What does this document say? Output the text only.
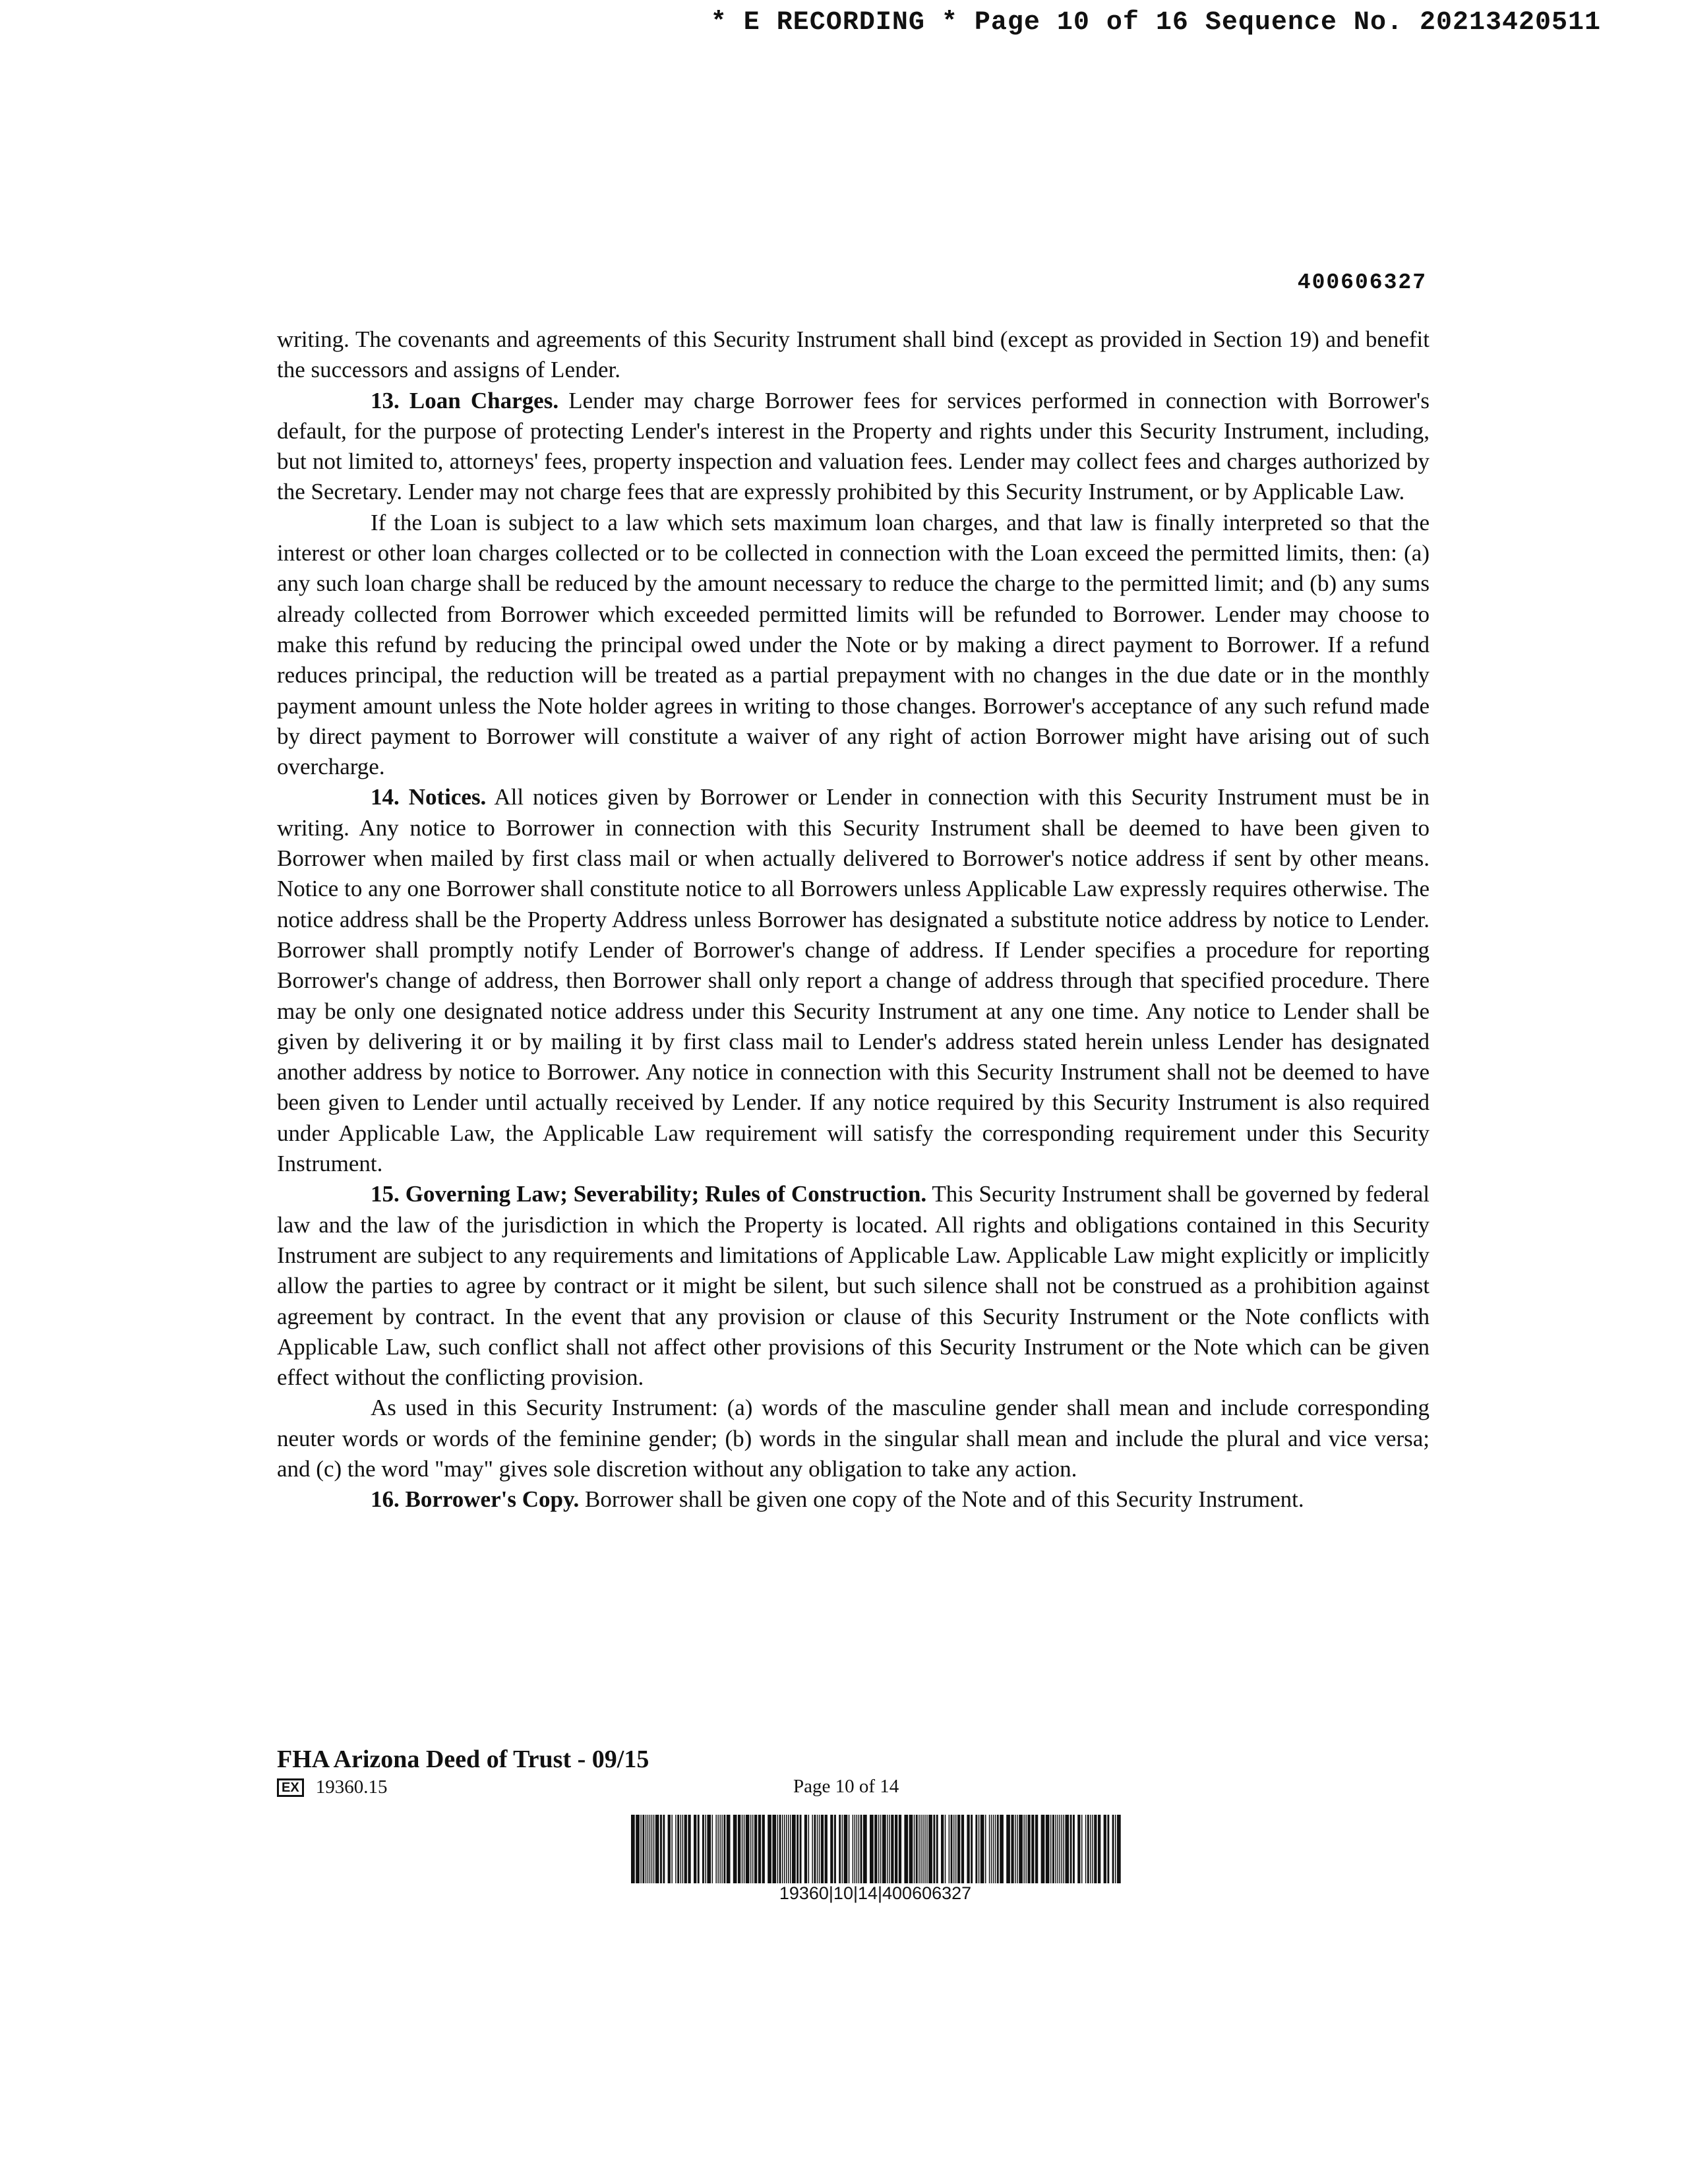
* E RECORDING * Page 10 of 16 Sequence No. 20213420511
400606327

writing. The covenants and agreements of this Security Instrument shall bind (except as provided in Section 19) and benefit the successors and assigns of Lender.

13. Loan Charges. Lender may charge Borrower fees for services performed in connection with Borrower's default, for the purpose of protecting Lender's interest in the Property and rights under this Security Instrument, including, but not limited to, attorneys' fees, property inspection and valuation fees. Lender may collect fees and charges authorized by the Secretary. Lender may not charge fees that are expressly prohibited by this Security Instrument, or by Applicable Law.

If the Loan is subject to a law which sets maximum loan charges, and that law is finally interpreted so that the interest or other loan charges collected or to be collected in connection with the Loan exceed the permitted limits, then: (a) any such loan charge shall be reduced by the amount necessary to reduce the charge to the permitted limit; and (b) any sums already collected from Borrower which exceeded permitted limits will be refunded to Borrower. Lender may choose to make this refund by reducing the principal owed under the Note or by making a direct payment to Borrower. If a refund reduces principal, the reduction will be treated as a partial prepayment with no changes in the due date or in the monthly payment amount unless the Note holder agrees in writing to those changes. Borrower's acceptance of any such refund made by direct payment to Borrower will constitute a waiver of any right of action Borrower might have arising out of such overcharge.

14. Notices. All notices given by Borrower or Lender in connection with this Security Instrument must be in writing. Any notice to Borrower in connection with this Security Instrument shall be deemed to have been given to Borrower when mailed by first class mail or when actually delivered to Borrower's notice address if sent by other means. Notice to any one Borrower shall constitute notice to all Borrowers unless Applicable Law expressly requires otherwise. The notice address shall be the Property Address unless Borrower has designated a substitute notice address by notice to Lender. Borrower shall promptly notify Lender of Borrower's change of address. If Lender specifies a procedure for reporting Borrower's change of address, then Borrower shall only report a change of address through that specified procedure. There may be only one designated notice address under this Security Instrument at any one time. Any notice to Lender shall be given by delivering it or by mailing it by first class mail to Lender's address stated herein unless Lender has designated another address by notice to Borrower. Any notice in connection with this Security Instrument shall not be deemed to have been given to Lender until actually received by Lender. If any notice required by this Security Instrument is also required under Applicable Law, the Applicable Law requirement will satisfy the corresponding requirement under this Security Instrument.

15. Governing Law; Severability; Rules of Construction. This Security Instrument shall be governed by federal law and the law of the jurisdiction in which the Property is located. All rights and obligations contained in this Security Instrument are subject to any requirements and limitations of Applicable Law. Applicable Law might explicitly or implicitly allow the parties to agree by contract or it might be silent, but such silence shall not be construed as a prohibition against agreement by contract. In the event that any provision or clause of this Security Instrument or the Note conflicts with Applicable Law, such conflict shall not affect other provisions of this Security Instrument or the Note which can be given effect without the conflicting provision.

As used in this Security Instrument: (a) words of the masculine gender shall mean and include corresponding neuter words or words of the feminine gender; (b) words in the singular shall mean and include the plural and vice versa; and (c) the word "may" gives sole discretion without any obligation to take any action.

16. Borrower's Copy. Borrower shall be given one copy of the Note and of this Security Instrument.

FHA Arizona Deed of Trust - 09/15
EX 19360.15	Page 10 of 14
19360|10|14|400606327
